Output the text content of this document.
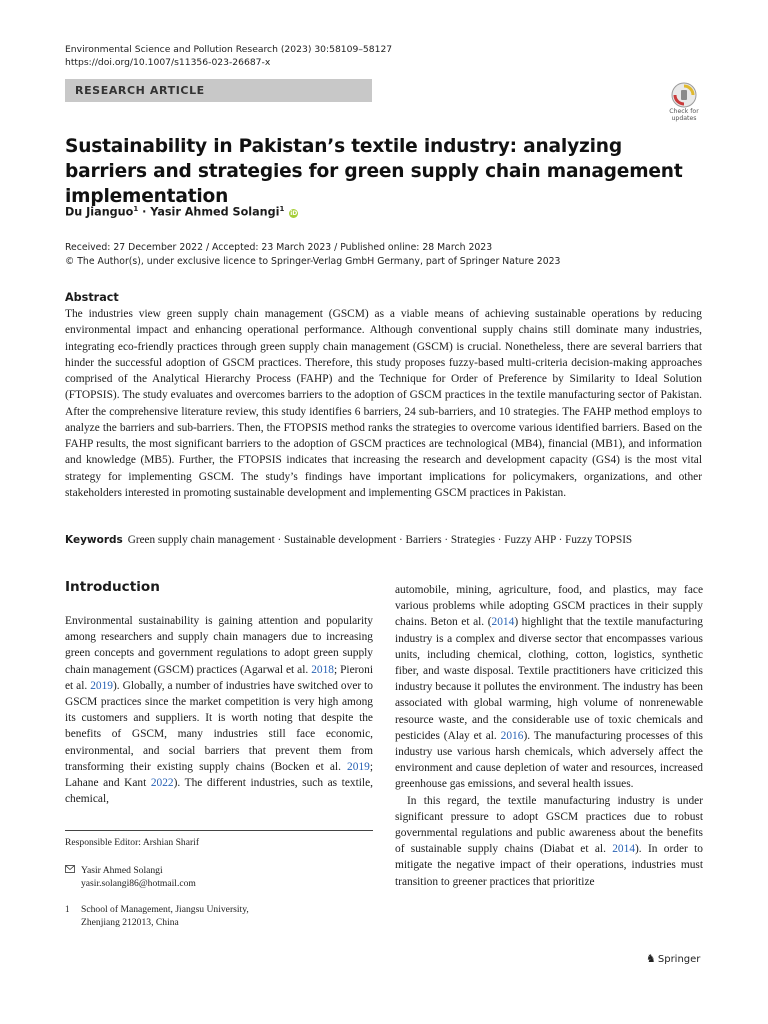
Environmental Science and Pollution Research (2023) 30:58109–58127
https://doi.org/10.1007/s11356-023-26687-x
RESEARCH ARTICLE
Check for
updates
Sustainability in Pakistan’s textile industry: analyzing barriers and strategies for green supply chain management implementation
Du Jianguo$^1$ · Yasir Ahmed Solangi$^1$ iD
Received: 27 December 2022 / Accepted: 23 March 2023 / Published online: 28 March 2023
© The Author(s), under exclusive licence to Springer-Verlag GmbH Germany, part of Springer Nature 2023
Abstract
The industries view green supply chain management (GSCM) as a viable means of achieving sustainable operations by reducing environmental impact and enhancing operational performance. Although conventional supply chains still dominate many industries, integrating eco-friendly practices through green supply chain management (GSCM) is crucial. Nonetheless, there are several barriers that hinder the successful adoption of GSCM practices. Therefore, this study proposes fuzzy-based multi-criteria decision-making approaches comprised of the Analytical Hierarchy Process (FAHP) and the Technique for Order of Preference by Similarity to Ideal Solution (FTOPSIS). The study evaluates and overcomes barriers to the adoption of GSCM practices in the textile manufacturing sector of Pakistan. After the comprehensive literature review, this study identifies 6 barriers, 24 sub-barriers, and 10 strategies. The FAHP method employs to analyze the barriers and sub-barriers. Then, the FTOPSIS method ranks the strategies to overcome various identified barriers. Based on the FAHP results, the most significant barriers to the adoption of GSCM practices are technological (MB4), financial (MB1), and information and knowledge (MB5). Further, the FTOPSIS indicates that increasing the research and development capacity (GS4) is the most vital strategy for implementing GSCM. The study’s findings have important implications for policymakers, organizations, and other stakeholders interested in promoting sustainable development and implementing GSCM practices in Pakistan.
Keywords Green supply chain management · Sustainable development · Barriers · Strategies · Fuzzy AHP · Fuzzy TOPSIS
Introduction

Environmental sustainability is gaining attention and popularity among researchers and supply chain managers due to increasing green concepts and government regulations to adopt green supply chain management (GSCM) practices (Agarwal et al. 2018; Pieroni et al. 2019). Globally, a number of industries have switched over to GSCM practices since the market competition is very high among its customers and suppliers. It is worth noting that despite the benefits of GSCM, many industries still face economic, environmental, and social barriers that prevent them from transforming their existing supply chains (Bocken et al. 2019; Lahane and Kant 2022). The different industries, such as textile, chemical,

automobile, mining, agriculture, food, and plastics, may face various problems while adopting GSCM practices in their supply chains. Beton et al. (2014) highlight that the textile manufacturing industry is a complex and diverse sector that encompasses various units, including chemical, clothing, cotton, logistics, synthetic fiber, and waste disposal. Textile practitioners have criticized this industry because it pollutes the environment. The industry has been associated with global warming, high volume of nonrenewable resource waste, and the considerable use of toxic chemicals and pesticides (Alay et al. 2016). The manufacturing processes of this industry use various harsh chemicals, which adversely affect the environment and cause depletion of water and resources, increased greenhouse gas emissions, and several health issues.

In this regard, the textile manufacturing industry is under significant pressure to adopt GSCM practices due to robust governmental regulations and public awareness about the benefits of sustainable supply chains (Diabat et al. 2014). In order to mitigate the negative impact of their operations, industries must transition to greener practices that prioritize

Responsible Editor: Arshian Sharif
Yasir Ahmed Solangi
yasir.solangi86@hotmail.com
1 School of Management, Jiangsu University,
Zhenjiang 212013, China
♞ Springer
